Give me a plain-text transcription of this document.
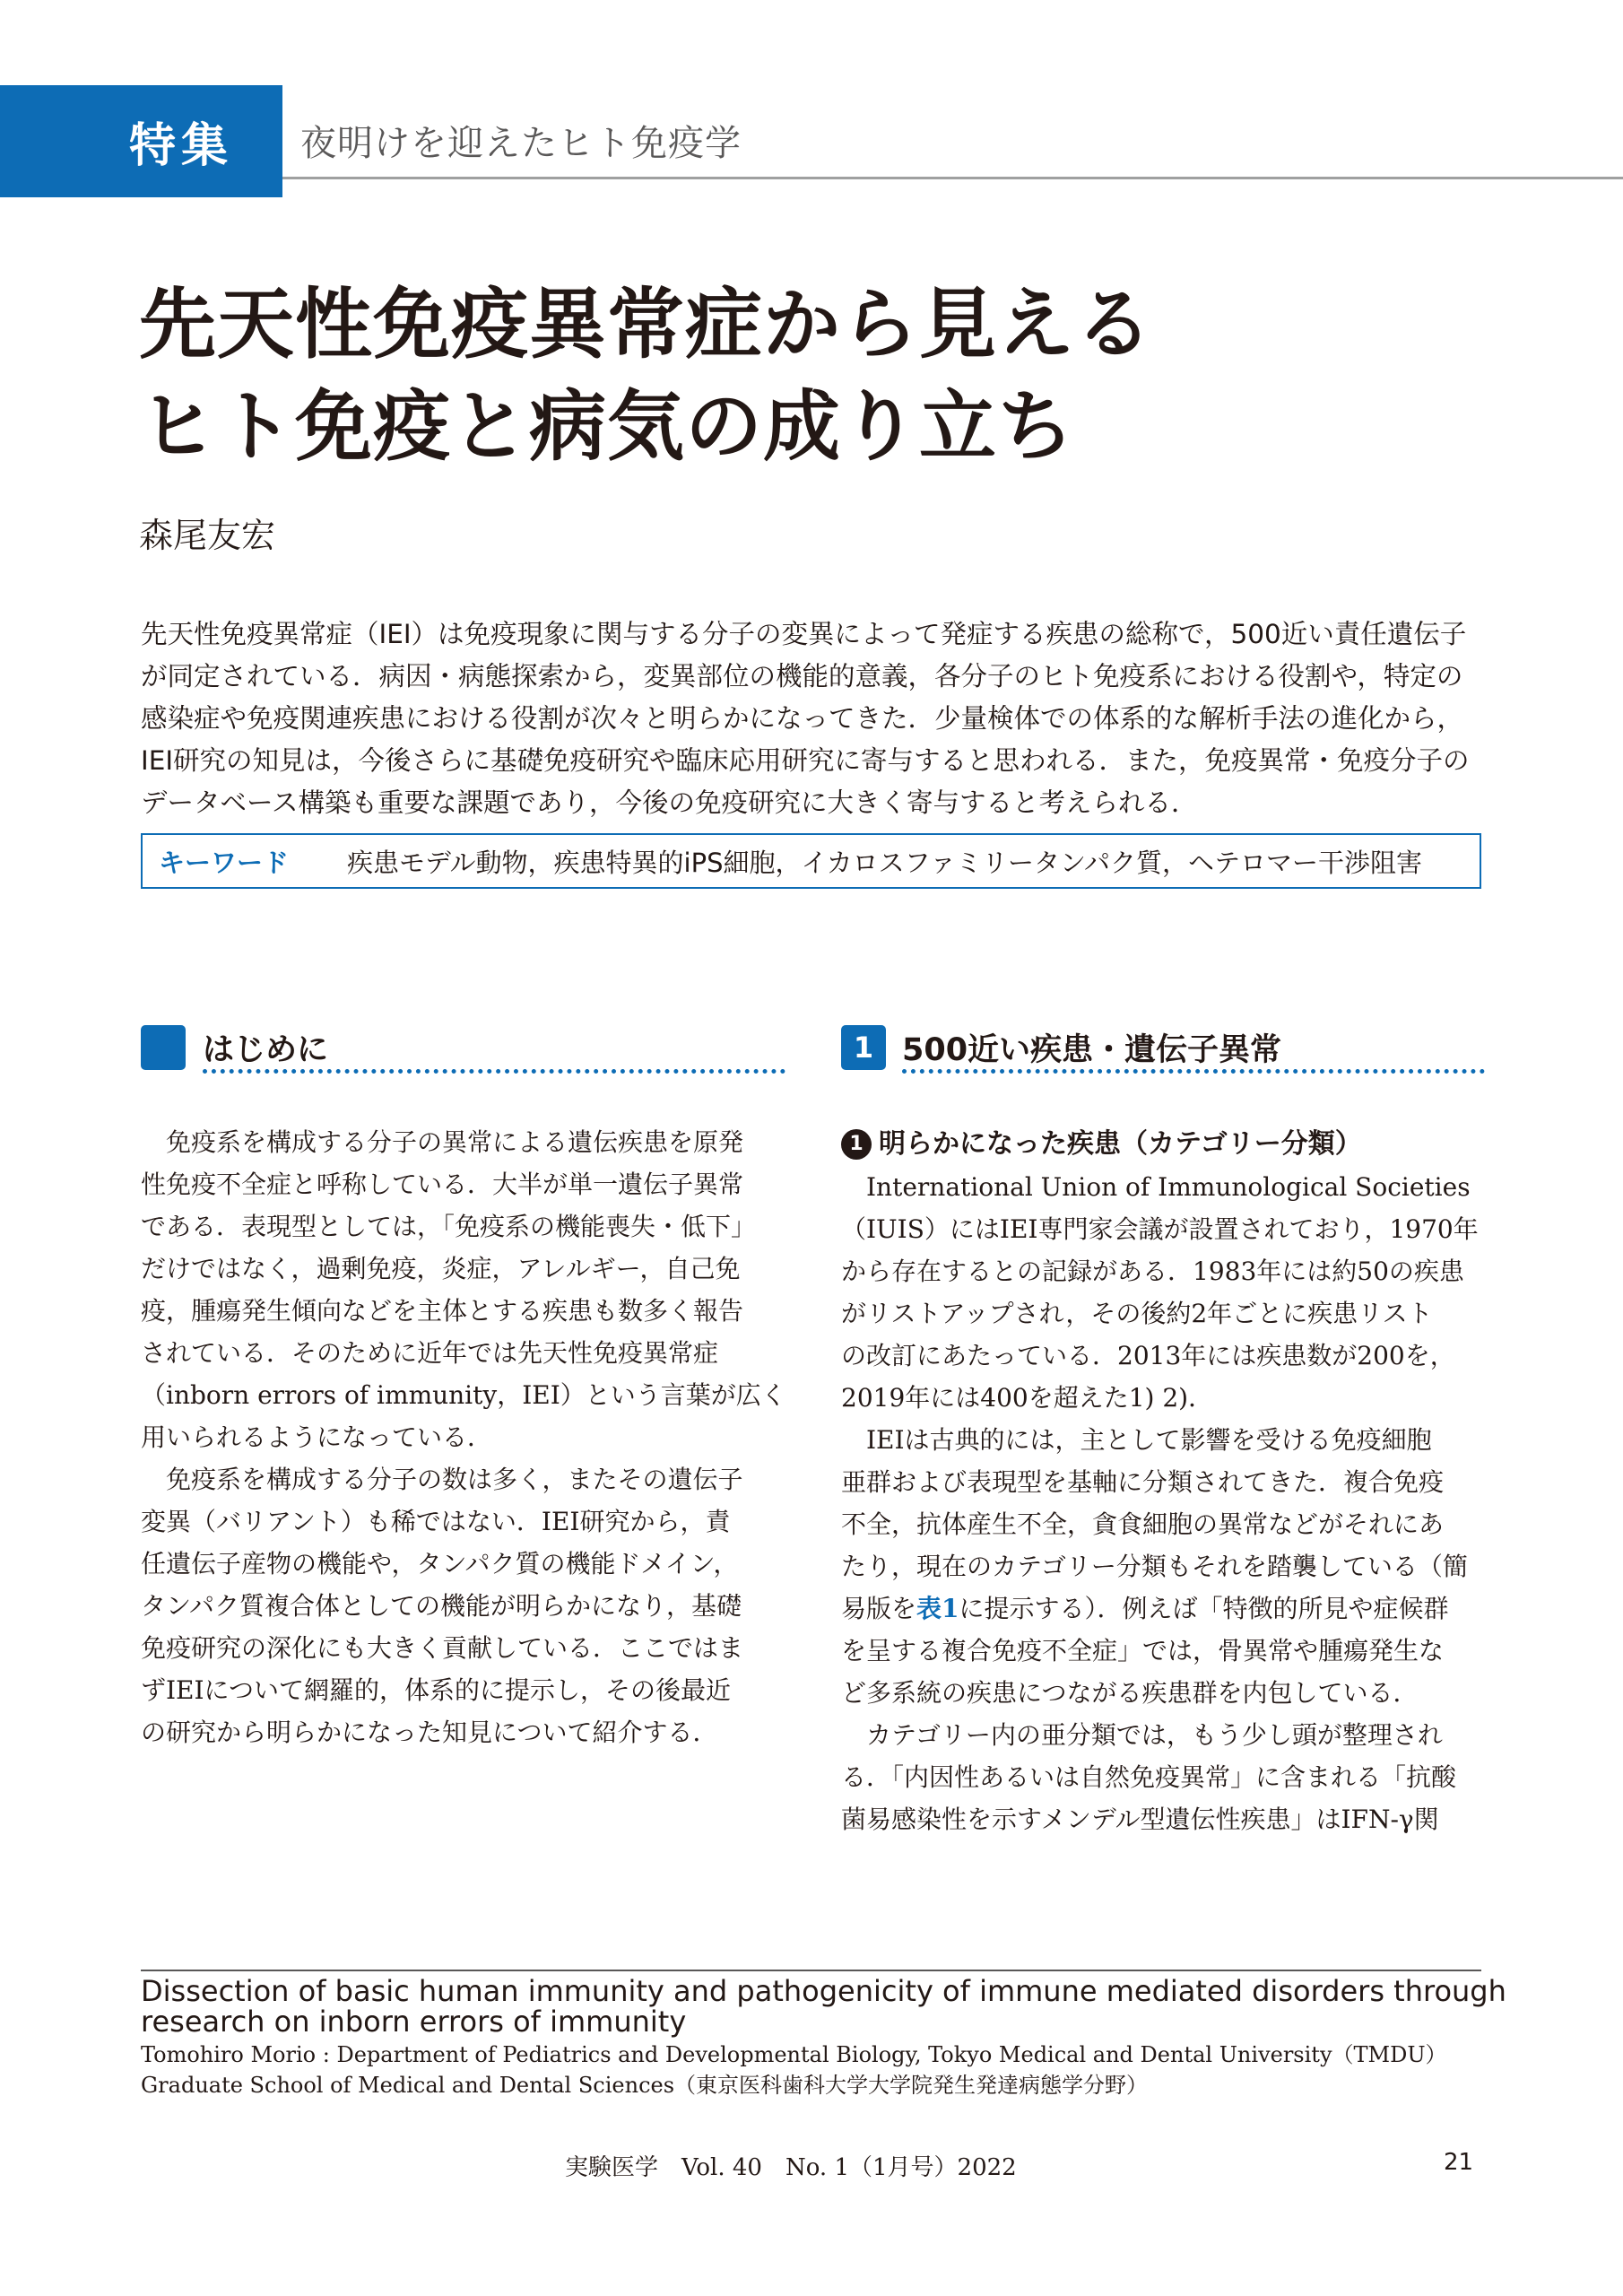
特集	夜明けを迎えたヒト免疫学
先天性免疫異常症から見える
ヒト免疫と病気の成り立ち
森尾友宏
先天性免疫異常症（IEI）は免疫現象に関与する分子の変異によって発症する疾患の総称で，500近い責任遺伝子
が同定されている．病因・病態探索から，変異部位の機能的意義，各分子のヒト免疫系における役割や，特定の
感染症や免疫関連疾患における役割が次々と明らかになってきた．少量検体での体系的な解析手法の進化から，
IEI研究の知見は，今後さらに基礎免疫研究や臨床応用研究に寄与すると思われる．また，免疫異常・免疫分子の
データベース構築も重要な課題であり，今後の免疫研究に大きく寄与すると考えられる．
キーワード	疾患モデル動物，疾患特異的iPS細胞，イカロスファミリータンパク質，ヘテロマー干渉阻害
はじめに
　免疫系を構成する分子の異常による遺伝疾患を原発
性免疫不全症と呼称している．大半が単一遺伝子異常
である．表現型としては，「免疫系の機能喪失・低下」
だけではなく，過剰免疫，炎症，アレルギー，自己免
疫，腫瘍発生傾向などを主体とする疾患も数多く報告
されている．そのために近年では先天性免疫異常症
（inborn errors of immunity，IEI）という言葉が広く
用いられるようになっている．
　免疫系を構成する分子の数は多く，またその遺伝子
変異（バリアント）も稀ではない．IEI研究から，責
任遺伝子産物の機能や，タンパク質の機能ドメイン，
タンパク質複合体としての機能が明らかになり，基礎
免疫研究の深化にも大きく貢献している．ここではま
ずIEIについて網羅的，体系的に提示し，その後最近
の研究から明らかになった知見について紹介する．
1 500近い疾患・遺伝子異常
1 明らかになった疾患（カテゴリー分類）
　International Union of Immunological Societies
（IUIS）にはIEI専門家会議が設置されており，1970年
から存在するとの記録がある．1983年には約50の疾患
がリストアップされ，その後約2年ごとに疾患リスト
の改訂にあたっている．2013年には疾患数が200を，
2019年には400を超えた1) 2)．
　IEIは古典的には，主として影響を受ける免疫細胞
亜群および表現型を基軸に分類されてきた．複合免疫
不全，抗体産生不全，貪食細胞の異常などがそれにあ
たり，現在のカテゴリー分類もそれを踏襲している（簡
易版を表1に提示する）．例えば「特徴的所見や症候群
を呈する複合免疫不全症」では，骨異常や腫瘍発生な
ど多系統の疾患につながる疾患群を内包している．
　カテゴリー内の亜分類では，もう少し頭が整理され
る．「内因性あるいは自然免疫異常」に含まれる「抗酸
菌易感染性を示すメンデル型遺伝性疾患」はIFN-γ関
Dissection of basic human immunity and pathogenicity of immune mediated disorders through
research on inborn errors of immunity
Tomohiro Morio : Department of Pediatrics and Developmental Biology, Tokyo Medical and Dental University（TMDU）
Graduate School of Medical and Dental Sciences（東京医科歯科大学大学院発生発達病態学分野）
実験医学　Vol. 40　No. 1（1月号）2022	21
